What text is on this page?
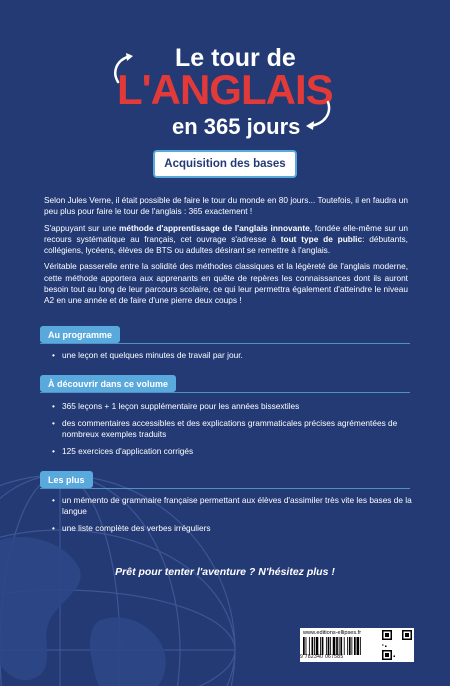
Le tour de
L'ANGLAIS
en 365 jours
Acquisition des bases

Selon Jules Verne, il était possible de faire le tour du monde en 80 jours... Toutefois, il en faudra un peu plus pour faire le tour de l'anglais : 365 exactement !

S'appuyant sur une méthode d'apprentissage de l'anglais innovante, fondée elle-même sur un recours systématique au français, cet ouvrage s'adresse à tout type de public: débutants, collégiens, lycéens, élèves de BTS ou adultes désirant se remettre à l'anglais.

Véritable passerelle entre la solidité des méthodes classiques et la légèreté de l'anglais moderne, cette méthode apportera aux apprenants en quête de repères les connaissances dont ils auront besoin tout au long de leur parcours scolaire, ce qui leur permettra également d'atteindre le niveau A2 en une année et de faire d'une pierre deux coups !

Au programme
• une leçon et quelques minutes de travail par jour.
À découvrir dans ce volume
• 365 leçons + 1 leçon supplémentaire pour les années bissextiles
• des commentaires accessibles et des explications grammaticales précises agrémentées de nombreux exemples traduits
• 125 exercices d'application corrigés
Les plus
• un mémento de grammaire française permettant aux élèves d'assimiler très vite les bases de la langue
• une liste complète des verbes irréguliers
Prêt pour tenter l'aventure ? N'hésitez plus !
www.editions-ellipses.fr
9 782340 067585
